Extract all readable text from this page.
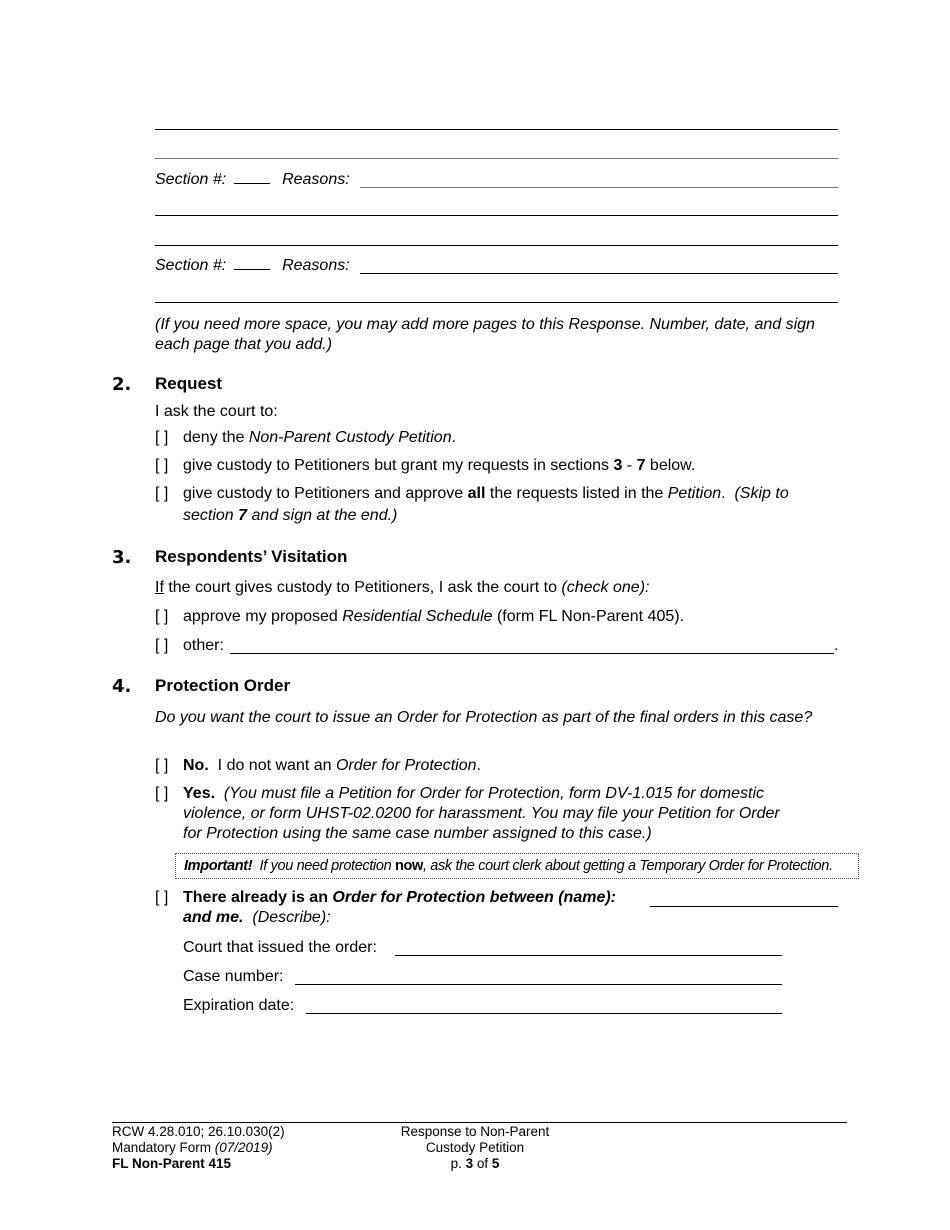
Section #:	Reasons:
Section #:	Reasons:
(If you need more space, you may add more pages to this Response. Number, date, and sign each page that you add.)
2. Request
I ask the court to:
[ ] deny the Non-Parent Custody Petition.
[ ] give custody to Petitioners but grant my requests in sections 3 - 7 below.
[ ] give custody to Petitioners and approve all the requests listed in the Petition.  (Skip to
section 7 and sign at the end.)
3. Respondents’ Visitation
If the court gives custody to Petitioners, I ask the court to (check one):
[ ] approve my proposed Residential Schedule (form FL Non-Parent 405).
[ ] other:	.
4. Protection Order
Do you want the court to issue an Order for Protection as part of the final orders in this case?
[ ] No.  I do not want an Order for Protection.
[ ] Yes.  (You must file a Petition for Order for Protection, form DV-1.015 for domestic
violence, or form UHST-02.0200 for harassment. You may file your Petition for Order
for Protection using the same case number assigned to this case.)
Important!  If you need protection now, ask the court clerk about getting a Temporary Order for Protection.
[ ] There already is an Order for Protection between (name):
and me.  (Describe):
Court that issued the order:
Case number:
Expiration date:
RCW 4.28.010; 26.10.030(2)
Mandatory Form (07/2019)
FL Non-Parent 415
Response to Non-Parent
Custody Petition
p. 3 of 5
